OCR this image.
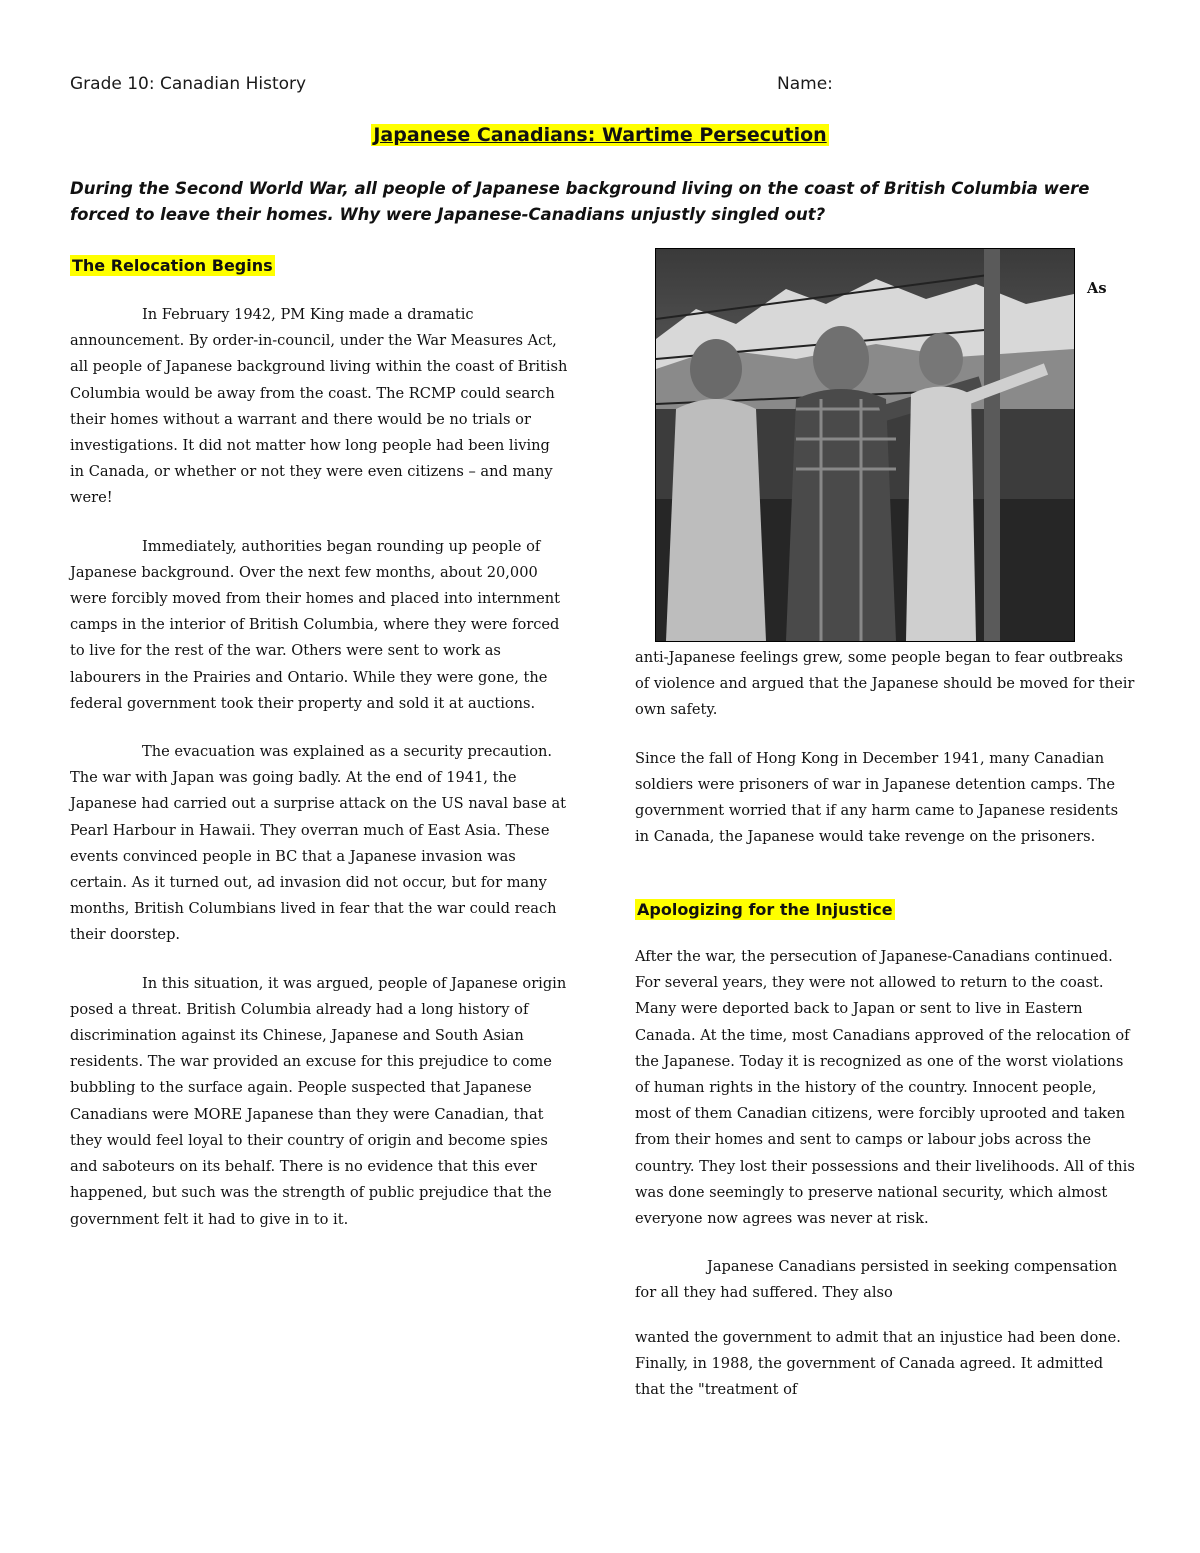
Grade 10: Canadian History	Name:
Japanese Canadians: Wartime Persecution
During the Second World War, all people of Japanese background living on the coast of British Columbia were forced to leave their homes. Why were Japanese-Canadians unjustly singled out?
The Relocation Begins

In February 1942, PM King made a dramatic announcement. By order-in-council, under the War Measures Act, all people of Japanese background living within the coast of British Columbia would be away from the coast. The RCMP could search their homes without a warrant and there would be no trials or investigations. It did not matter how long people had been living in Canada, or whether or not they were even citizens – and many were!

Immediately, authorities began rounding up people of Japanese background. Over the next few months, about 20,000 were forcibly moved from their homes and placed into internment camps in the interior of British Columbia, where they were forced to live for the rest of the war. Others were sent to work as labourers in the Prairies and Ontario. While they were gone, the federal government took their property and sold it at auctions.

The evacuation was explained as a security precaution. The war with Japan was going badly. At the end of 1941, the Japanese had carried out a surprise attack on the US naval base at Pearl Harbour in Hawaii. They overran much of East Asia. These events convinced people in BC that a Japanese invasion was certain. As it turned out, ad invasion did not occur, but for many months, British Columbians lived in fear that the war could reach their doorstep.

In this situation, it was argued, people of Japanese origin posed a threat. British Columbia already had a long history of discrimination against its Chinese, Japanese and South Asian residents. The war provided an excuse for this prejudice to come bubbling to the surface again. People suspected that Japanese Canadians were MORE Japanese than they were Canadian, that they would feel loyal to their country of origin and become spies and saboteurs on its behalf. There is no evidence that this ever happened, but such was the strength of public prejudice that the government felt it had to give in to it.

As

anti-Japanese feelings grew, some people began to fear outbreaks of violence and argued that the Japanese should be moved for their own safety.

Since the fall of Hong Kong in December 1941, many Canadian soldiers were prisoners of war in Japanese detention camps. The government worried that if any harm came to Japanese residents in Canada, the Japanese would take revenge on the prisoners.

Apologizing for the Injustice

After the war, the persecution of Japanese-Canadians continued. For several years, they were not allowed to return to the coast. Many were deported back to Japan or sent to live in Eastern Canada. At the time, most Canadians approved of the relocation of the Japanese. Today it is recognized as one of the worst violations of human rights in the history of the country. Innocent people, most of them Canadian citizens, were forcibly uprooted and taken from their homes and sent to camps or labour jobs across the country. They lost their possessions and their livelihoods. All of this was done seemingly to preserve national security, which almost everyone now agrees was never at risk.

Japanese Canadians persisted in seeking compensation for all they had suffered. They also

wanted the government to admit that an injustice had been done. Finally, in 1988, the government of Canada agreed. It admitted that the "treatment of
